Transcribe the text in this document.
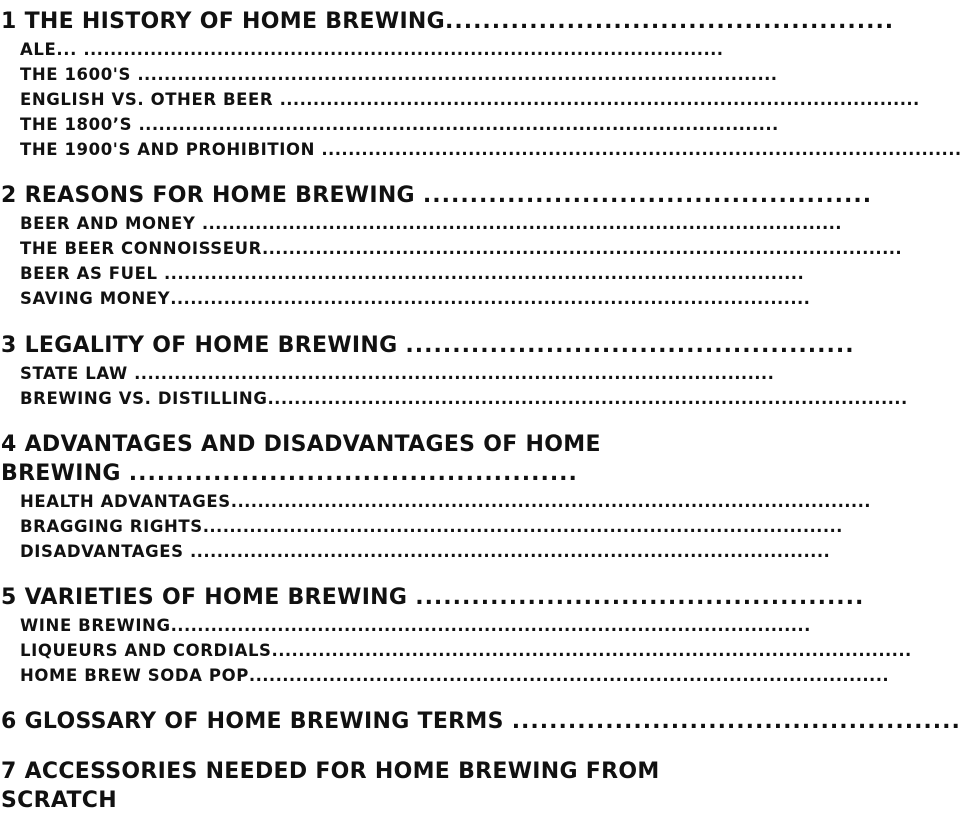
1 THE HISTORY OF HOME BREWING................................................
ALE... ................................................................................................
THE 1600'S ................................................................................................
ENGLISH VS. OTHER BEER ................................................................................................
THE 1800’S ................................................................................................
THE 1900'S AND PROHIBITION ................................................................................................
2 REASONS FOR HOME BREWING ................................................
BEER AND MONEY ................................................................................................
THE BEER CONNOISSEUR................................................................................................
BEER AS FUEL ................................................................................................
SAVING MONEY................................................................................................
3 LEGALITY OF HOME BREWING ................................................
STATE LAW ................................................................................................
BREWING VS. DISTILLING................................................................................................
4 ADVANTAGES AND DISADVANTAGES OF HOME
BREWING ................................................
HEALTH ADVANTAGES................................................................................................
BRAGGING RIGHTS................................................................................................
DISADVANTAGES ................................................................................................
5 VARIETIES OF HOME BREWING ................................................
WINE BREWING................................................................................................
LIQUEURS AND CORDIALS................................................................................................
HOME BREW SODA POP................................................................................................
6 GLOSSARY OF HOME BREWING TERMS ................................................
7 ACCESSORIES NEEDED FOR HOME BREWING FROM
SCRATCH
